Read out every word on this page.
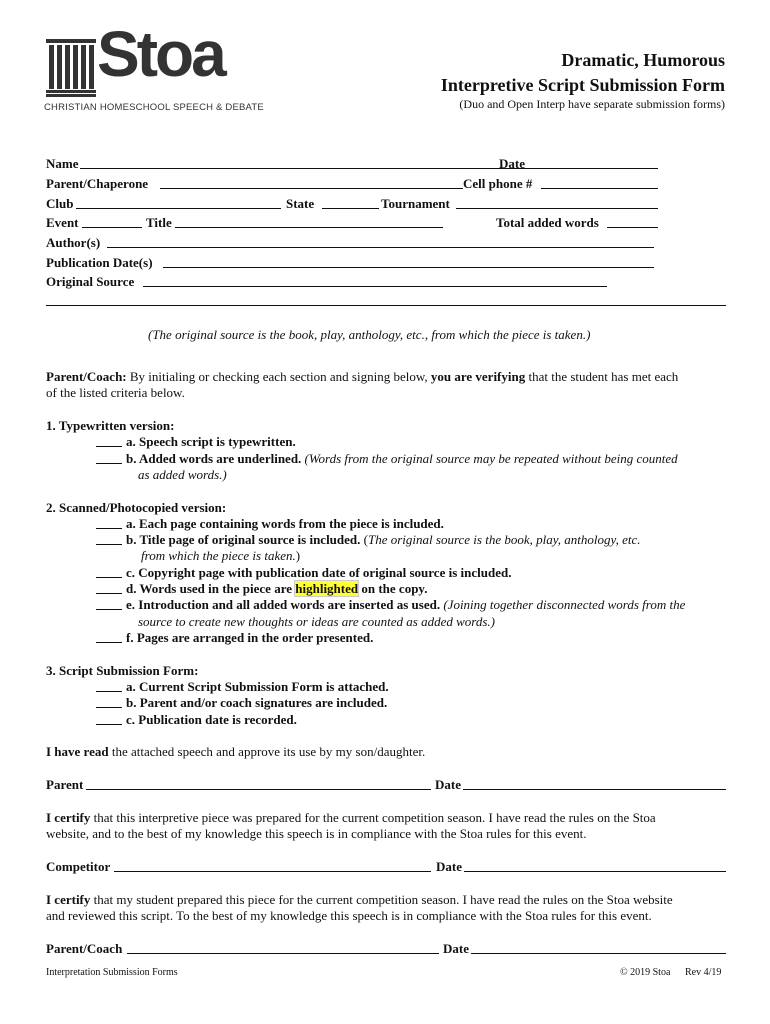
Stoa
CHRISTIAN HOMESCHOOL SPEECH & DEBATE
Dramatic, Humorous
Interpretive Script Submission Form
(Duo and Open Interp have separate submission forms)
Name	Date
Parent/Chaperone	Cell phone #
Club	State	Tournament
Event	Title	Total added words
Author(s)
Publication Date(s)
Original Source
(The original source is the book, play, anthology, etc., from which the piece is taken.)
Parent/Coach: By initialing or checking each section and signing below, you are verifying that the student has met each
of the listed criteria below.
1. Typewritten version:
a. Speech script is typewritten.
b. Added words are underlined. (Words from the original source may be repeated without being counted
as added words.)
2. Scanned/Photocopied version:
a. Each page containing words from the piece is included.
b. Title page of original source is included. (The original source is the book, play, anthology, etc.
from which the piece is taken.)
c. Copyright page with publication date of original source is included.
d. Words used in the piece are highlighted on the copy.
e. Introduction and all added words are inserted as used. (Joining together disconnected words from the
source to create new thoughts or ideas are counted as added words.)
f. Pages are arranged in the order presented.
3. Script Submission Form:
a. Current Script Submission Form is attached.
b. Parent and/or coach signatures are included.
c. Publication date is recorded.
I have read the attached speech and approve its use by my son/daughter.
Parent	Date
I certify that this interpretive piece was prepared for the current competition season. I have read the rules on the Stoa
website, and to the best of my knowledge this speech is in compliance with the Stoa rules for this event.
Competitor	Date
I certify that my student prepared this piece for the current competition season. I have read the rules on the Stoa website
and reviewed this script. To the best of my knowledge this speech is in compliance with the Stoa rules for this event.
Parent/Coach	Date
Interpretation Submission Forms	© 2019 Stoa Rev 4/19
